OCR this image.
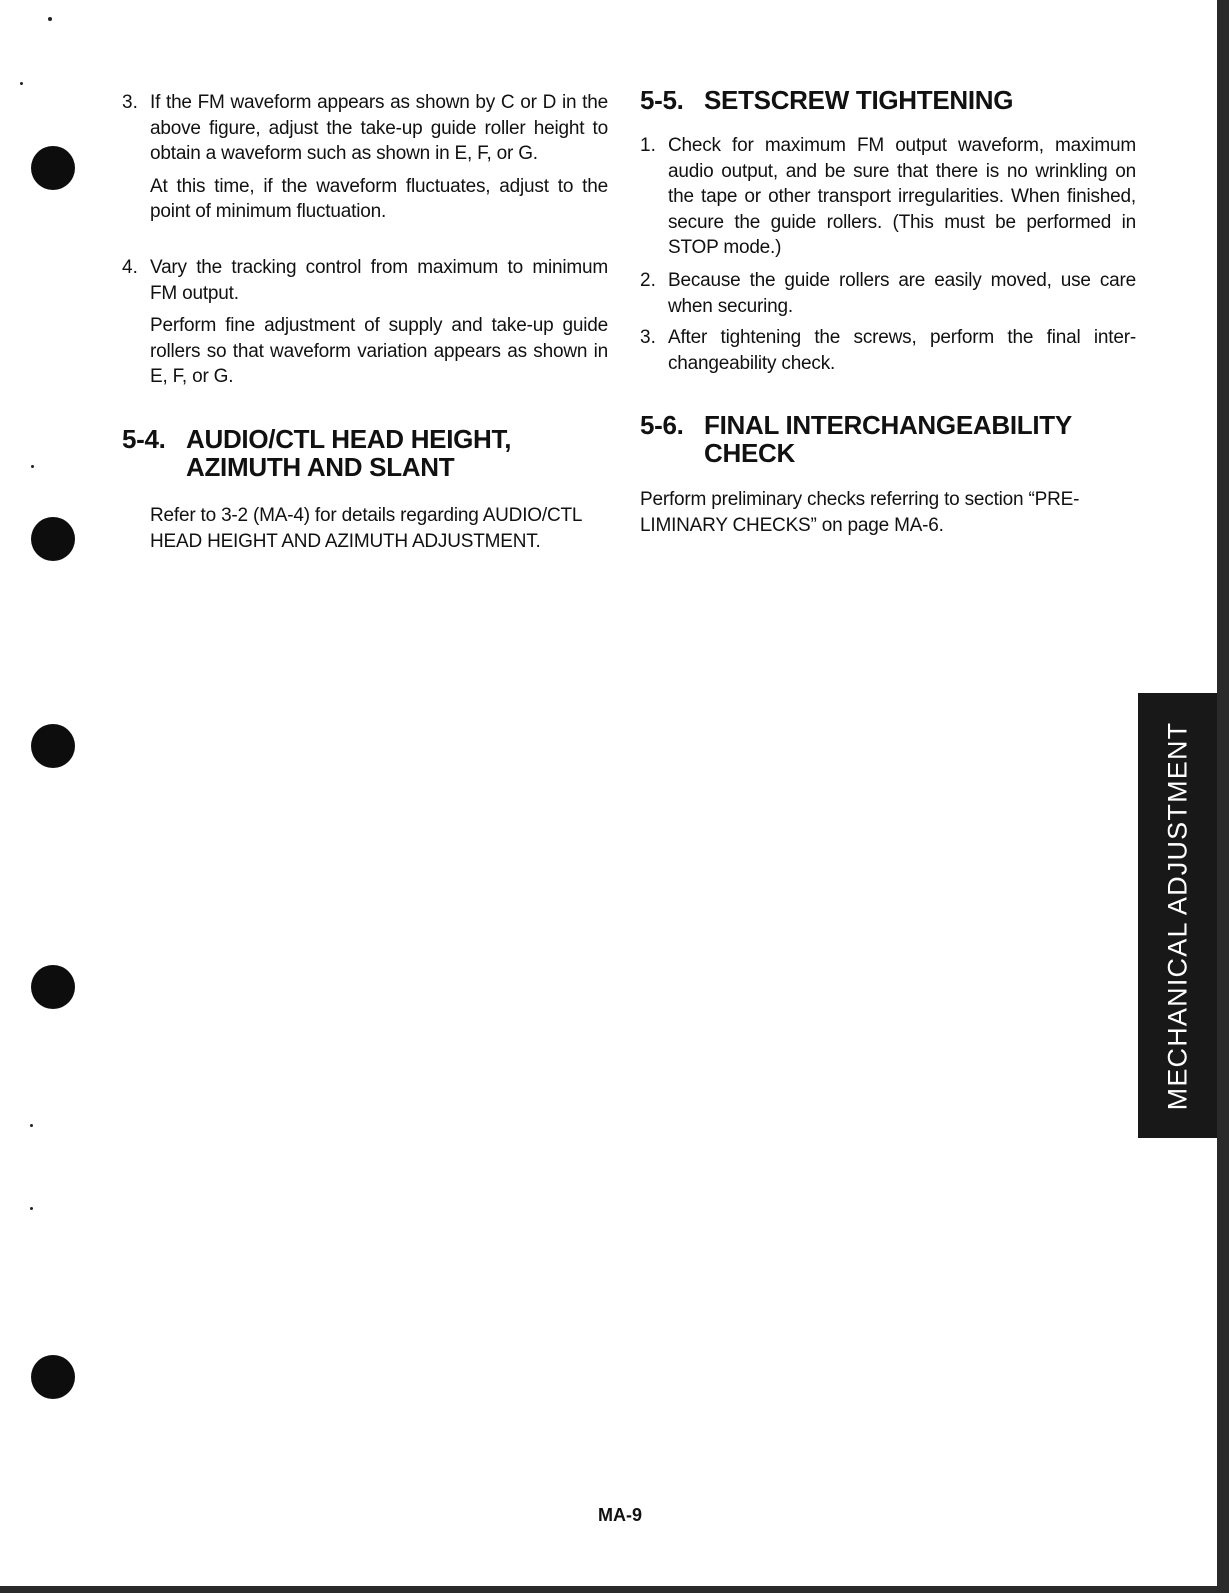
3. If the FM waveform appears as shown by C or D in the above figure, adjust the take-up guide roller height to obtain a waveform such as shown in E, F, or G.

At this time, if the waveform fluctuates, adjust to the point of minimum fluctuation.

4. Vary the tracking control from maximum to minimum FM output.

Perform fine adjustment of supply and take-up guide rollers so that waveform variation appears as shown in E, F, or G.

5-4. AUDIO/CTL HEAD HEIGHT,
AZIMUTH AND SLANT

Refer to 3-2 (MA-4) for details regarding AUDIO/CTL HEAD HEIGHT AND AZIMUTH ADJUSTMENT.

5-5. SETSCREW TIGHTENING
1. Check for maximum FM output waveform, maximum audio output, and be sure that there is no wrinkling on the tape or other transport irregularities. When finished, secure the guide rollers. (This must be performed in STOP mode.)

2. Because the guide rollers are easily moved, use care when securing.

3. After tightening the screws, perform the final inter-changeability check.

5-6. FINAL INTERCHANGEABILITY
CHECK

Perform preliminary checks referring to section “PRE-LIMINARY CHECKS” on page MA-6.

MECHANICAL ADJUSTMENT
MA-9
